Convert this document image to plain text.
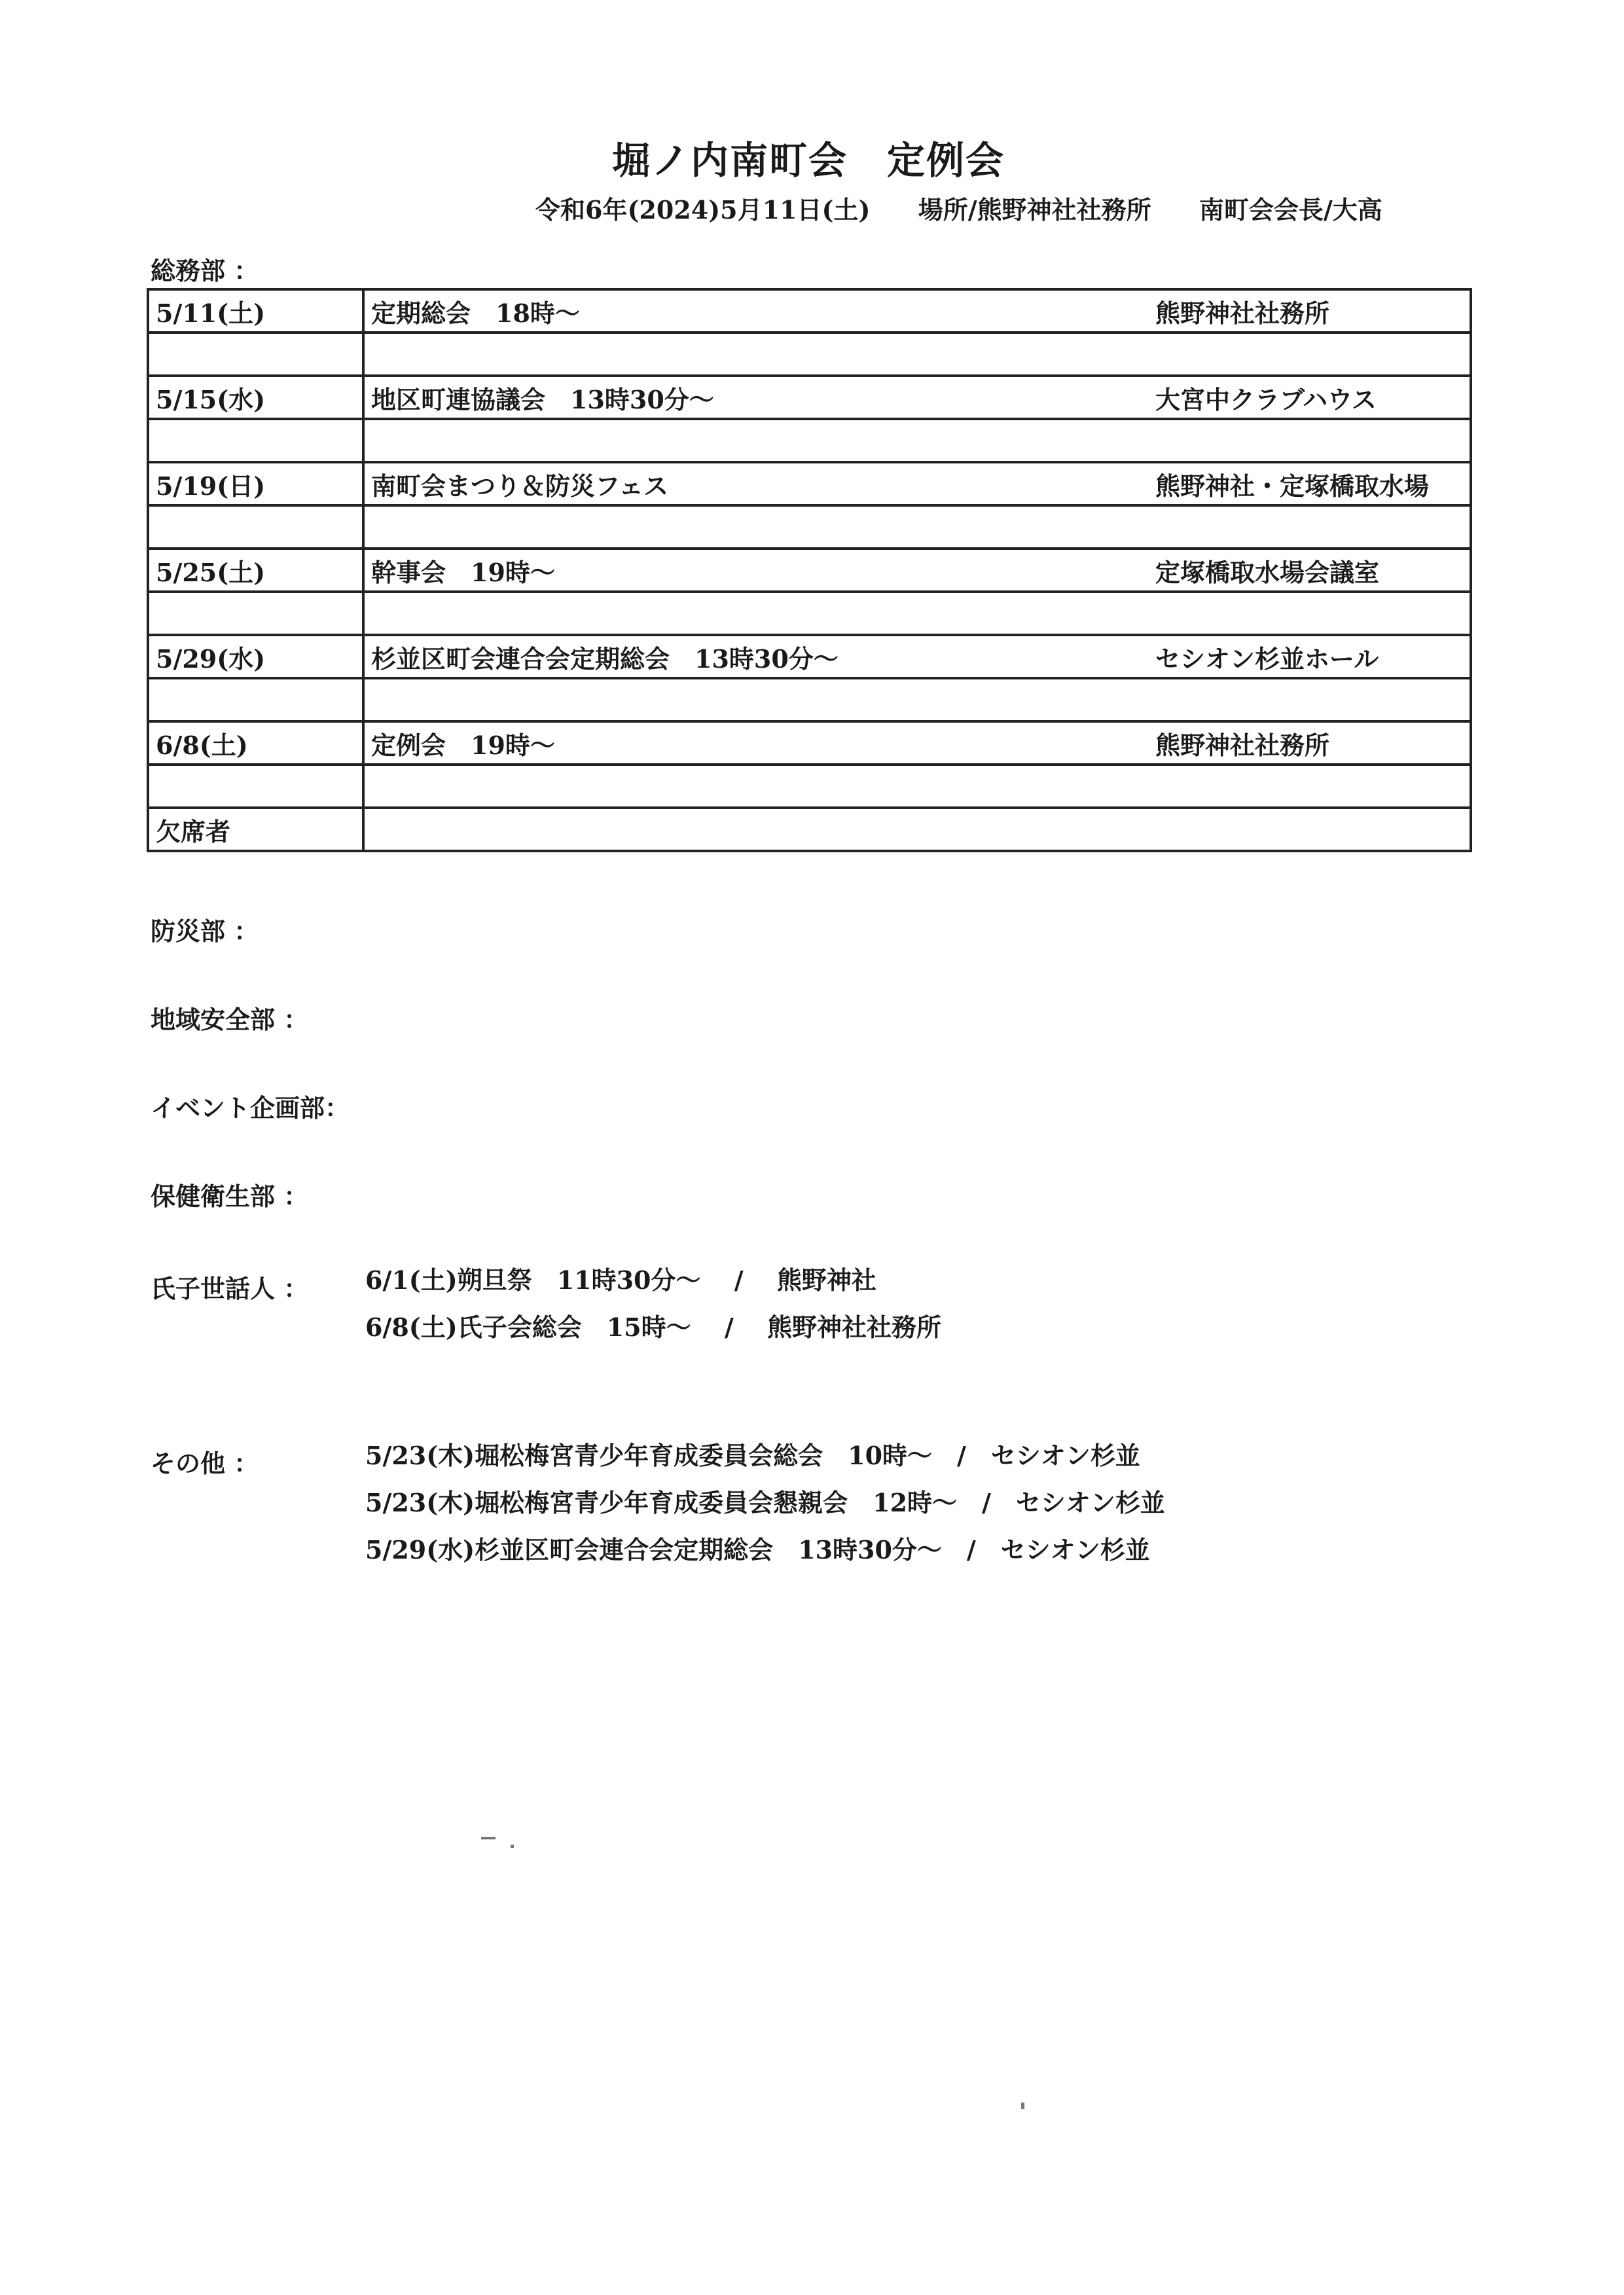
堀ノ内南町会　定例会
令和6年(2024)5月11日(土) 場所/熊野神社社務所 南町会会長/大高
総務部 ：
5/11(土)	定期総会　18時～ 熊野神社社務所

5/15(水)	地区町連協議会　13時30分～ 大宮中クラブハウス

5/19(日)	南町会まつり＆防災フェス 熊野神社・定塚橋取水場

5/25(土)	幹事会　19時～ 定塚橋取水場会議室

5/29(水)	杉並区町会連合会定期総会　13時30分～ セシオン杉並ホール

6/8(土)	定例会　19時～ 熊野神社社務所

欠席者	
防災部 ：
地域安全部 ：
イベント企画部：
保健衛生部 ：
氏子世話人 ： 6/1(土)朔旦祭　11時30分～　 /　 熊野神社
6/8(土)氏子会総会　15時～　 /　 熊野神社社務所
その他 ：	5/23(木)堀松梅宮青少年育成委員会総会　10時～　/　セシオン杉並
5/23(木)堀松梅宮青少年育成委員会懇親会　12時～　/　セシオン杉並
5/29(水)杉並区町会連合会定期総会　13時30分～　/　セシオン杉並
